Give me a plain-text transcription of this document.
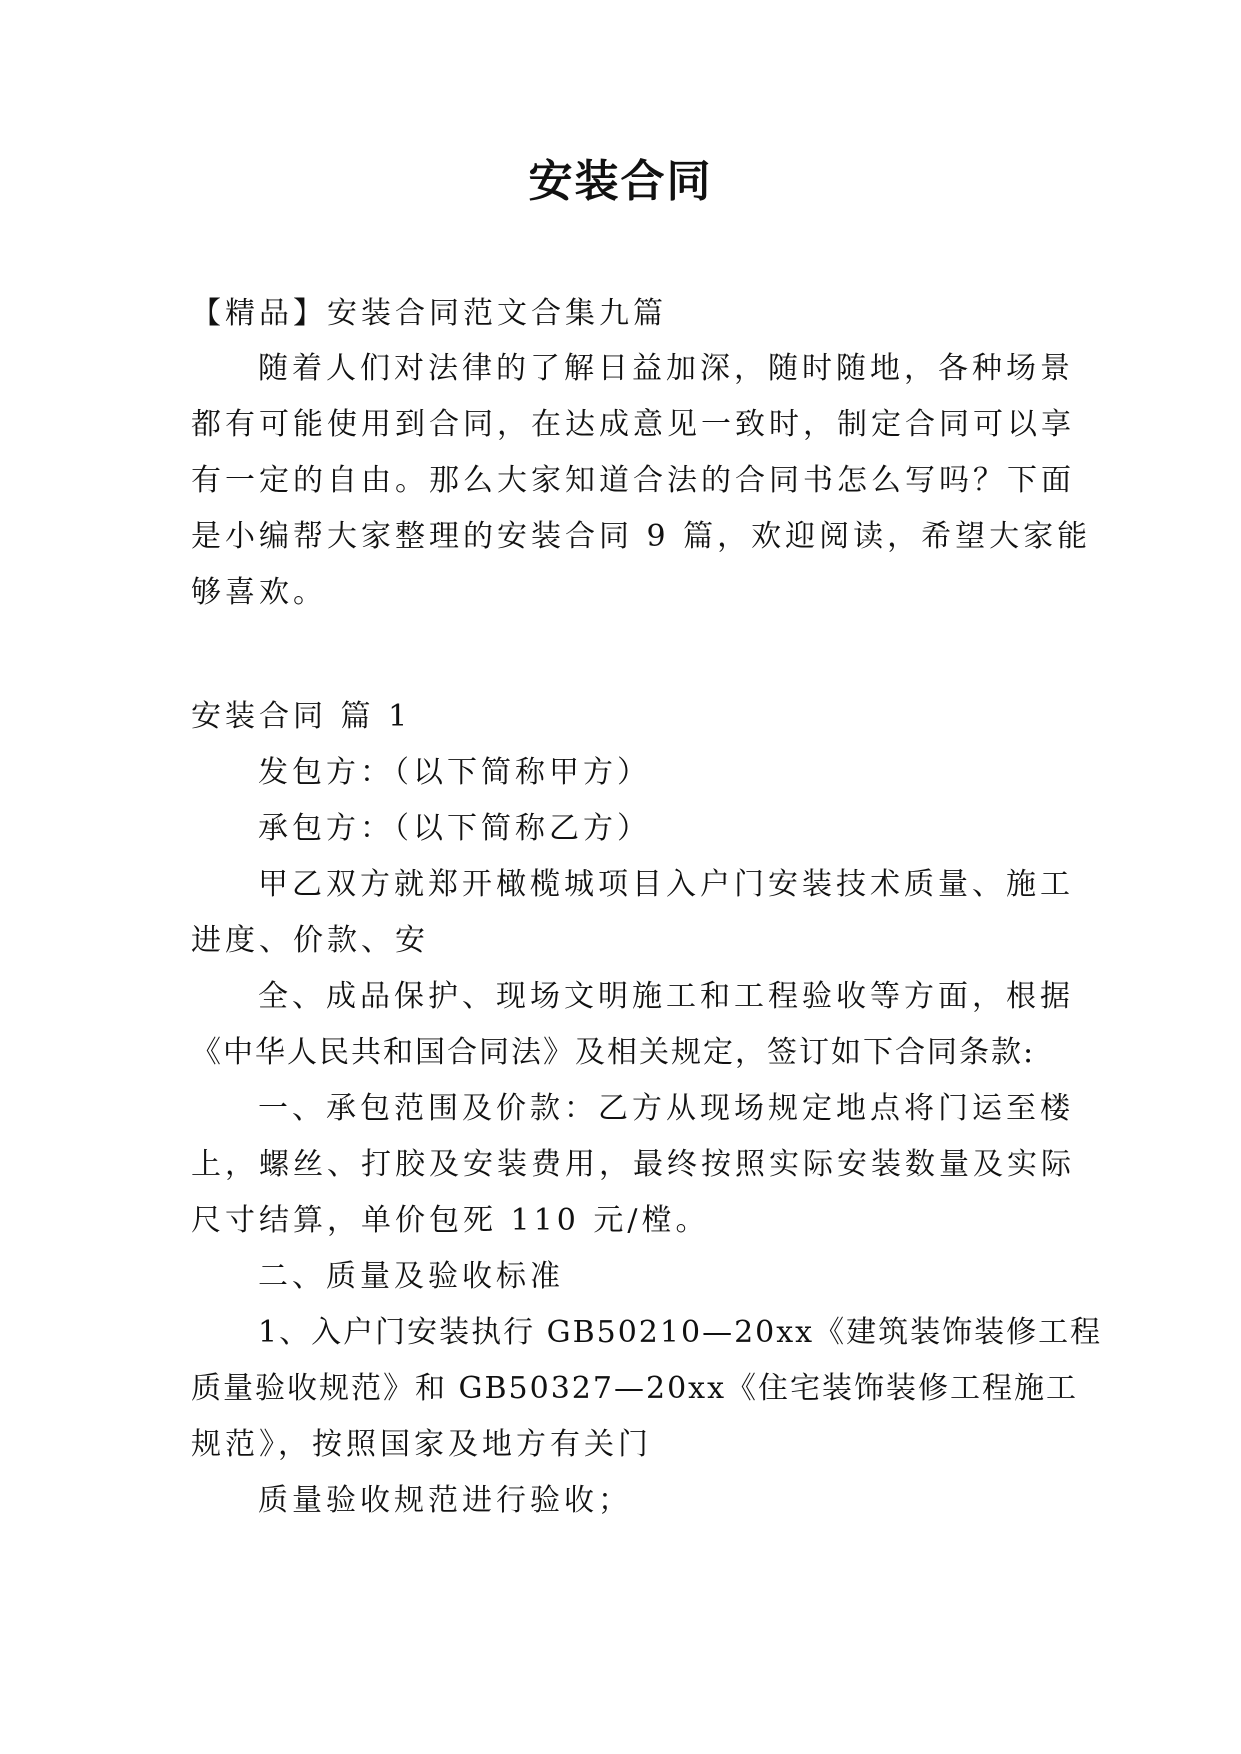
安装合同
【精品】安装合同范文合集九篇
随着人们对法律的了解日益加深，随时随地，各种场景
都有可能使用到合同，在达成意见一致时，制定合同可以享
有一定的自由。那么大家知道合法的合同书怎么写吗？下面
是小编帮大家整理的安装合同 9 篇，欢迎阅读，希望大家能
够喜欢。
安装合同 篇 1
发包方：（以下简称甲方）
承包方：（以下简称乙方）
甲乙双方就郑开橄榄城项目入户门安装技术质量、施工
进度、价款、安
全、成品保护、现场文明施工和工程验收等方面，根据
《中华人民共和国合同法》及相关规定，签订如下合同条款:
一、承包范围及价款：乙方从现场规定地点将门运至楼
上，螺丝、打胶及安装费用，最终按照实际安装数量及实际
尺寸结算，单价包死 110 元/樘。
二、质量及验收标准
1、入户门安装执行 GB50210—20xx《建筑装饰装修工程
质量验收规范》和 GB50327—20xx《住宅装饰装修工程施工
规范》，按照国家及地方有关门
质量验收规范进行验收；
